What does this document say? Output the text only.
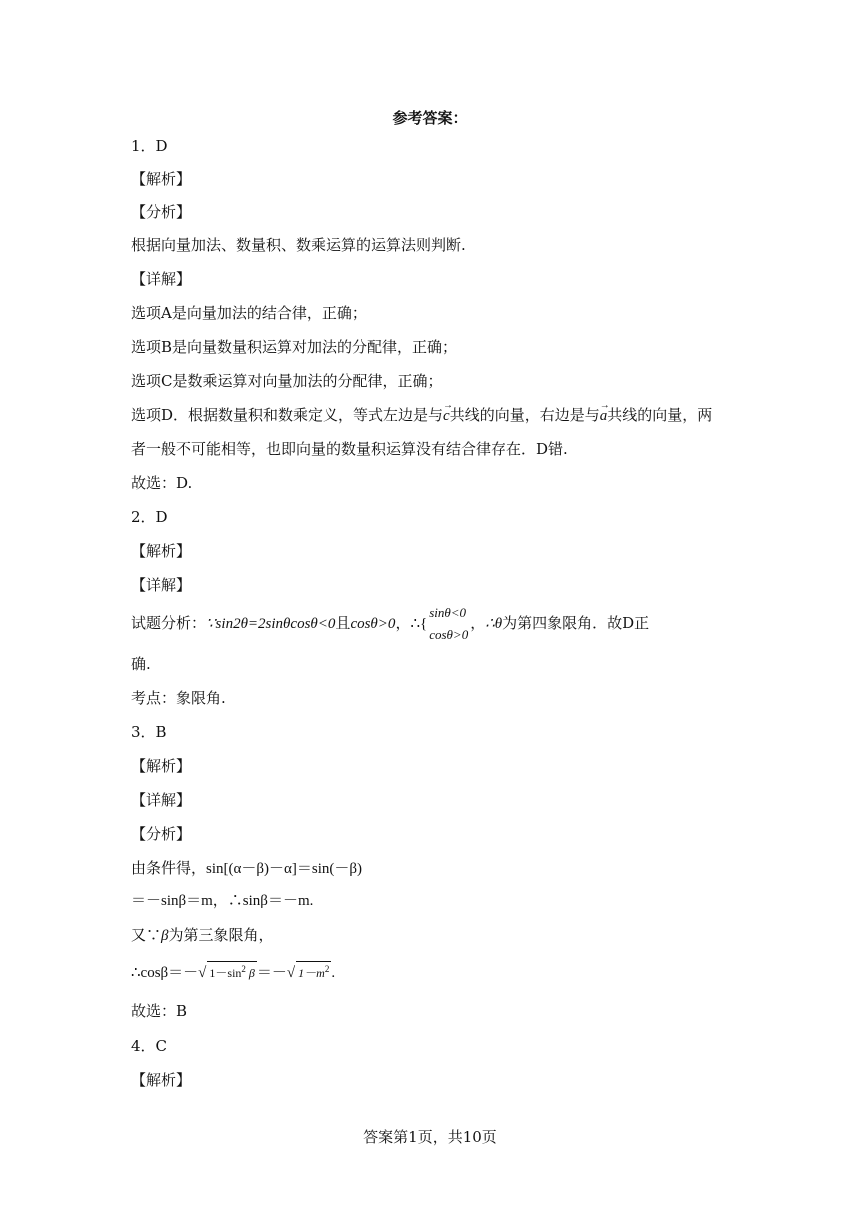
参考答案：
1．D
【解析】
【分析】
根据向量加法、数量积、数乘运算的运算法则判断.
【详解】
选项A是向量加法的结合律，正确；
选项B是向量数量积运算对加法的分配律，正确；
选项C是数乘运算对向量加法的分配律，正确；
选项D．根据数量积和数乘定义，等式左边是与→ c共线的向量，右边是与→ a共线的向量，两
者一般不可能相等，也即向量的数量积运算没有结合律存在．D错.
故选：D.
2．D
【解析】
【详解】
试题分析：∵sin2θ=2sinθcosθ<0且cosθ>0，∴{
sinθ<0
cosθ>0
，∴θ为第四象限角．故D正
确.
考点：象限角.
3．B
【解析】
【详解】
【分析】
由条件得，sin[(α－β)－α]＝sin(－β)
＝－sinβ＝m，∴sinβ＝－m.
又∵β为第三象限角，
∴cosβ＝－√ $1-\sin^2$ β ＝－√ $1-m^2$ .
故选：B
4．C
【解析】
答案第1页，共10页
